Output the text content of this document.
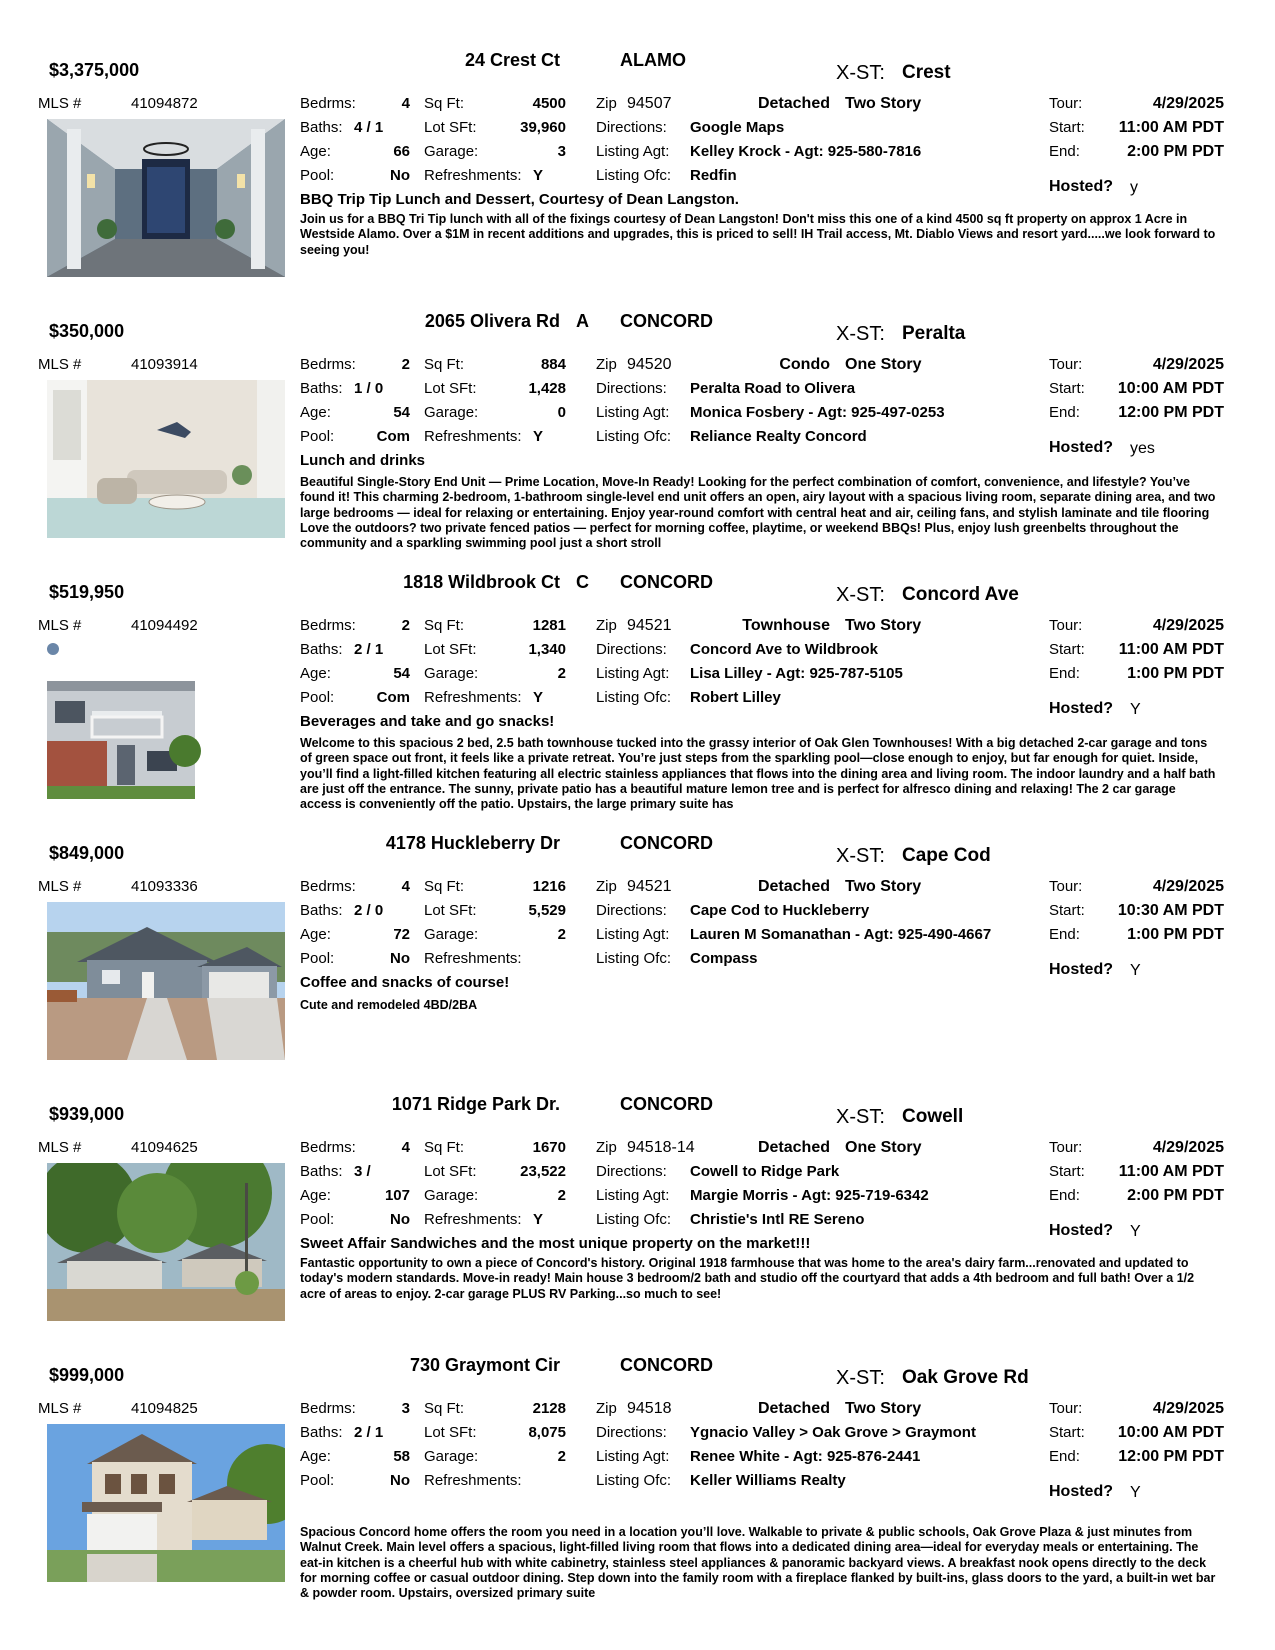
$3,375,000	24 Crest Ct	ALAMO
X-ST: Crest
MLS #	41094872	Bedrms:	4 Sq Ft:	4500
Baths: 4 / 1	Lot SFt:	39,960
Age:	66 Garage:	3
Pool:	No Refreshments: Y
Zip 94507	Detached Two Story
Directions: Google Maps
Listing Agt: Kelley Krock - Agt: 925-580-7816
Listing Ofc: Redfin
Tour:	4/29/2025
Start:	11:00 AM PDT
End:	2:00 PM PDT
Hosted? y
BBQ Trip Tip Lunch and Dessert, Courtesy of Dean Langston.
Join us for a BBQ Tri Tip lunch with all of the fixings courtesy of Dean Langston! Don't miss this one of a kind 4500 sq ft property on approx 1 Acre in Westside Alamo. Over a $1M in recent additions and upgrades, this is priced to sell! IH Trail access, Mt. Diablo Views and resort yard.....we look forward to seeing you!
$350,000	2065 Olivera Rd A CONCORD
X-ST: Peralta
MLS #	41093914	Bedrms:	2 Sq Ft:	884
Baths: 1 / 0	Lot SFt:	1,428
Age:	54 Garage:	0
Pool:	Com Refreshments: Y
Zip 94520	Condo One Story
Directions: Peralta Road to Olivera
Listing Agt: Monica Fosbery - Agt: 925-497-0253
Listing Ofc: Reliance Realty Concord
Tour:	4/29/2025
Start:	10:00 AM PDT
End:	12:00 PM PDT
Hosted? yes
Lunch and drinks
Beautiful Single-Story End Unit — Prime Location, Move-In Ready! Looking for the perfect combination of comfort, convenience, and lifestyle? You’ve found it! This charming 2-bedroom, 1-bathroom single-level end unit offers an open, airy layout with a spacious living room, separate dining area, and two large bedrooms — ideal for relaxing or entertaining. Enjoy year-round comfort with central heat and air, ceiling fans, and stylish laminate and tile flooring Love the outdoors? two private fenced patios — perfect for morning coffee, playtime, or weekend BBQs! Plus, enjoy lush greenbelts throughout the community and a sparkling swimming pool just a short stroll
$519,950	1818 Wildbrook Ct C CONCORD
X-ST: Concord Ave
MLS #	41094492	Bedrms:	2 Sq Ft:	1281
Baths: 2 / 1	Lot SFt:	1,340
Age:	54 Garage:	2
Pool:	Com Refreshments: Y
Zip 94521	Townhouse Two Story
Directions: Concord Ave to Wildbrook
Listing Agt: Lisa Lilley - Agt: 925-787-5105
Listing Ofc: Robert Lilley
Tour:	4/29/2025
Start:	11:00 AM PDT
End:	1:00 PM PDT
Hosted? Y
Beverages and take and go snacks!
Welcome to this spacious 2 bed, 2.5 bath townhouse tucked into the grassy interior of Oak Glen Townhouses! With a big detached 2-car garage and tons of green space out front, it feels like a private retreat. You’re just steps from the sparkling pool—close enough to enjoy, but far enough for quiet. Inside, you’ll find a light-filled kitchen featuring all electric stainless appliances that flows into the dining area and living room. The indoor laundry and a half bath are just off the entrance. The sunny, private patio has a beautiful mature lemon tree and is perfect for alfresco dining and relaxing! The 2 car garage access is conveniently off the patio. Upstairs, the large primary suite has
$849,000	4178 Huckleberry Dr	CONCORD
X-ST: Cape Cod
MLS #	41093336	Bedrms:	4 Sq Ft:	1216
Baths: 2 / 0	Lot SFt:	5,529
Age:	72 Garage:	2
Pool:	No Refreshments:
Zip 94521	Detached Two Story
Directions: Cape Cod to Huckleberry
Listing Agt: Lauren M Somanathan - Agt: 925-490-4667
Listing Ofc: Compass
Tour:	4/29/2025
Start:	10:30 AM PDT
End:	1:00 PM PDT
Hosted? Y
Coffee and snacks of course!
Cute and remodeled 4BD/2BA
$939,000	1071 Ridge Park Dr.	CONCORD
X-ST: Cowell
MLS #	41094625	Bedrms:	4 Sq Ft:	1670
Baths: 3 /	Lot SFt:	23,522
Age:	107 Garage:	2
Pool:	No Refreshments: Y
Zip 94518-14	Detached One Story
Directions: Cowell to Ridge Park
Listing Agt: Margie Morris - Agt: 925-719-6342
Listing Ofc: Christie's Intl RE Sereno
Tour:	4/29/2025
Start:	11:00 AM PDT
End:	2:00 PM PDT
Hosted? Y
Sweet Affair Sandwiches and the most unique property on the market!!!
Fantastic opportunity to own a piece of Concord's history. Original 1918 farmhouse that was home to the area's dairy farm...renovated and updated to today's modern standards. Move-in ready! Main house 3 bedroom/2 bath and studio off the courtyard that adds a 4th bedroom and full bath! Over a 1/2 acre of areas to enjoy. 2-car garage PLUS RV Parking...so much to see!
$999,000	730 Graymont Cir	CONCORD
X-ST: Oak Grove Rd
MLS #	41094825	Bedrms:	3 Sq Ft:	2128
Baths: 2 / 1	Lot SFt:	8,075
Age:	58 Garage:	2
Pool:	No Refreshments:
Zip 94518	Detached Two Story
Directions: Ygnacio Valley > Oak Grove > Graymont
Listing Agt: Renee White - Agt: 925-876-2441
Listing Ofc: Keller Williams Realty
Tour:	4/29/2025
Start:	10:00 AM PDT
End:	12:00 PM PDT
Hosted? Y
Spacious Concord home offers the room you need in a location you’ll love. Walkable to private & public schools, Oak Grove Plaza & just minutes from Walnut Creek. Main level offers a spacious, light-filled living room that flows into a dedicated dining area—ideal for everyday meals or entertaining. The eat-in kitchen is a cheerful hub with white cabinetry, stainless steel appliances & panoramic backyard views. A breakfast nook opens directly to the deck for morning coffee or casual outdoor dining. Step down into the family room with a fireplace flanked by built-ins, glass doors to the yard, a built-in wet bar & powder room. Upstairs, oversized primary suite
